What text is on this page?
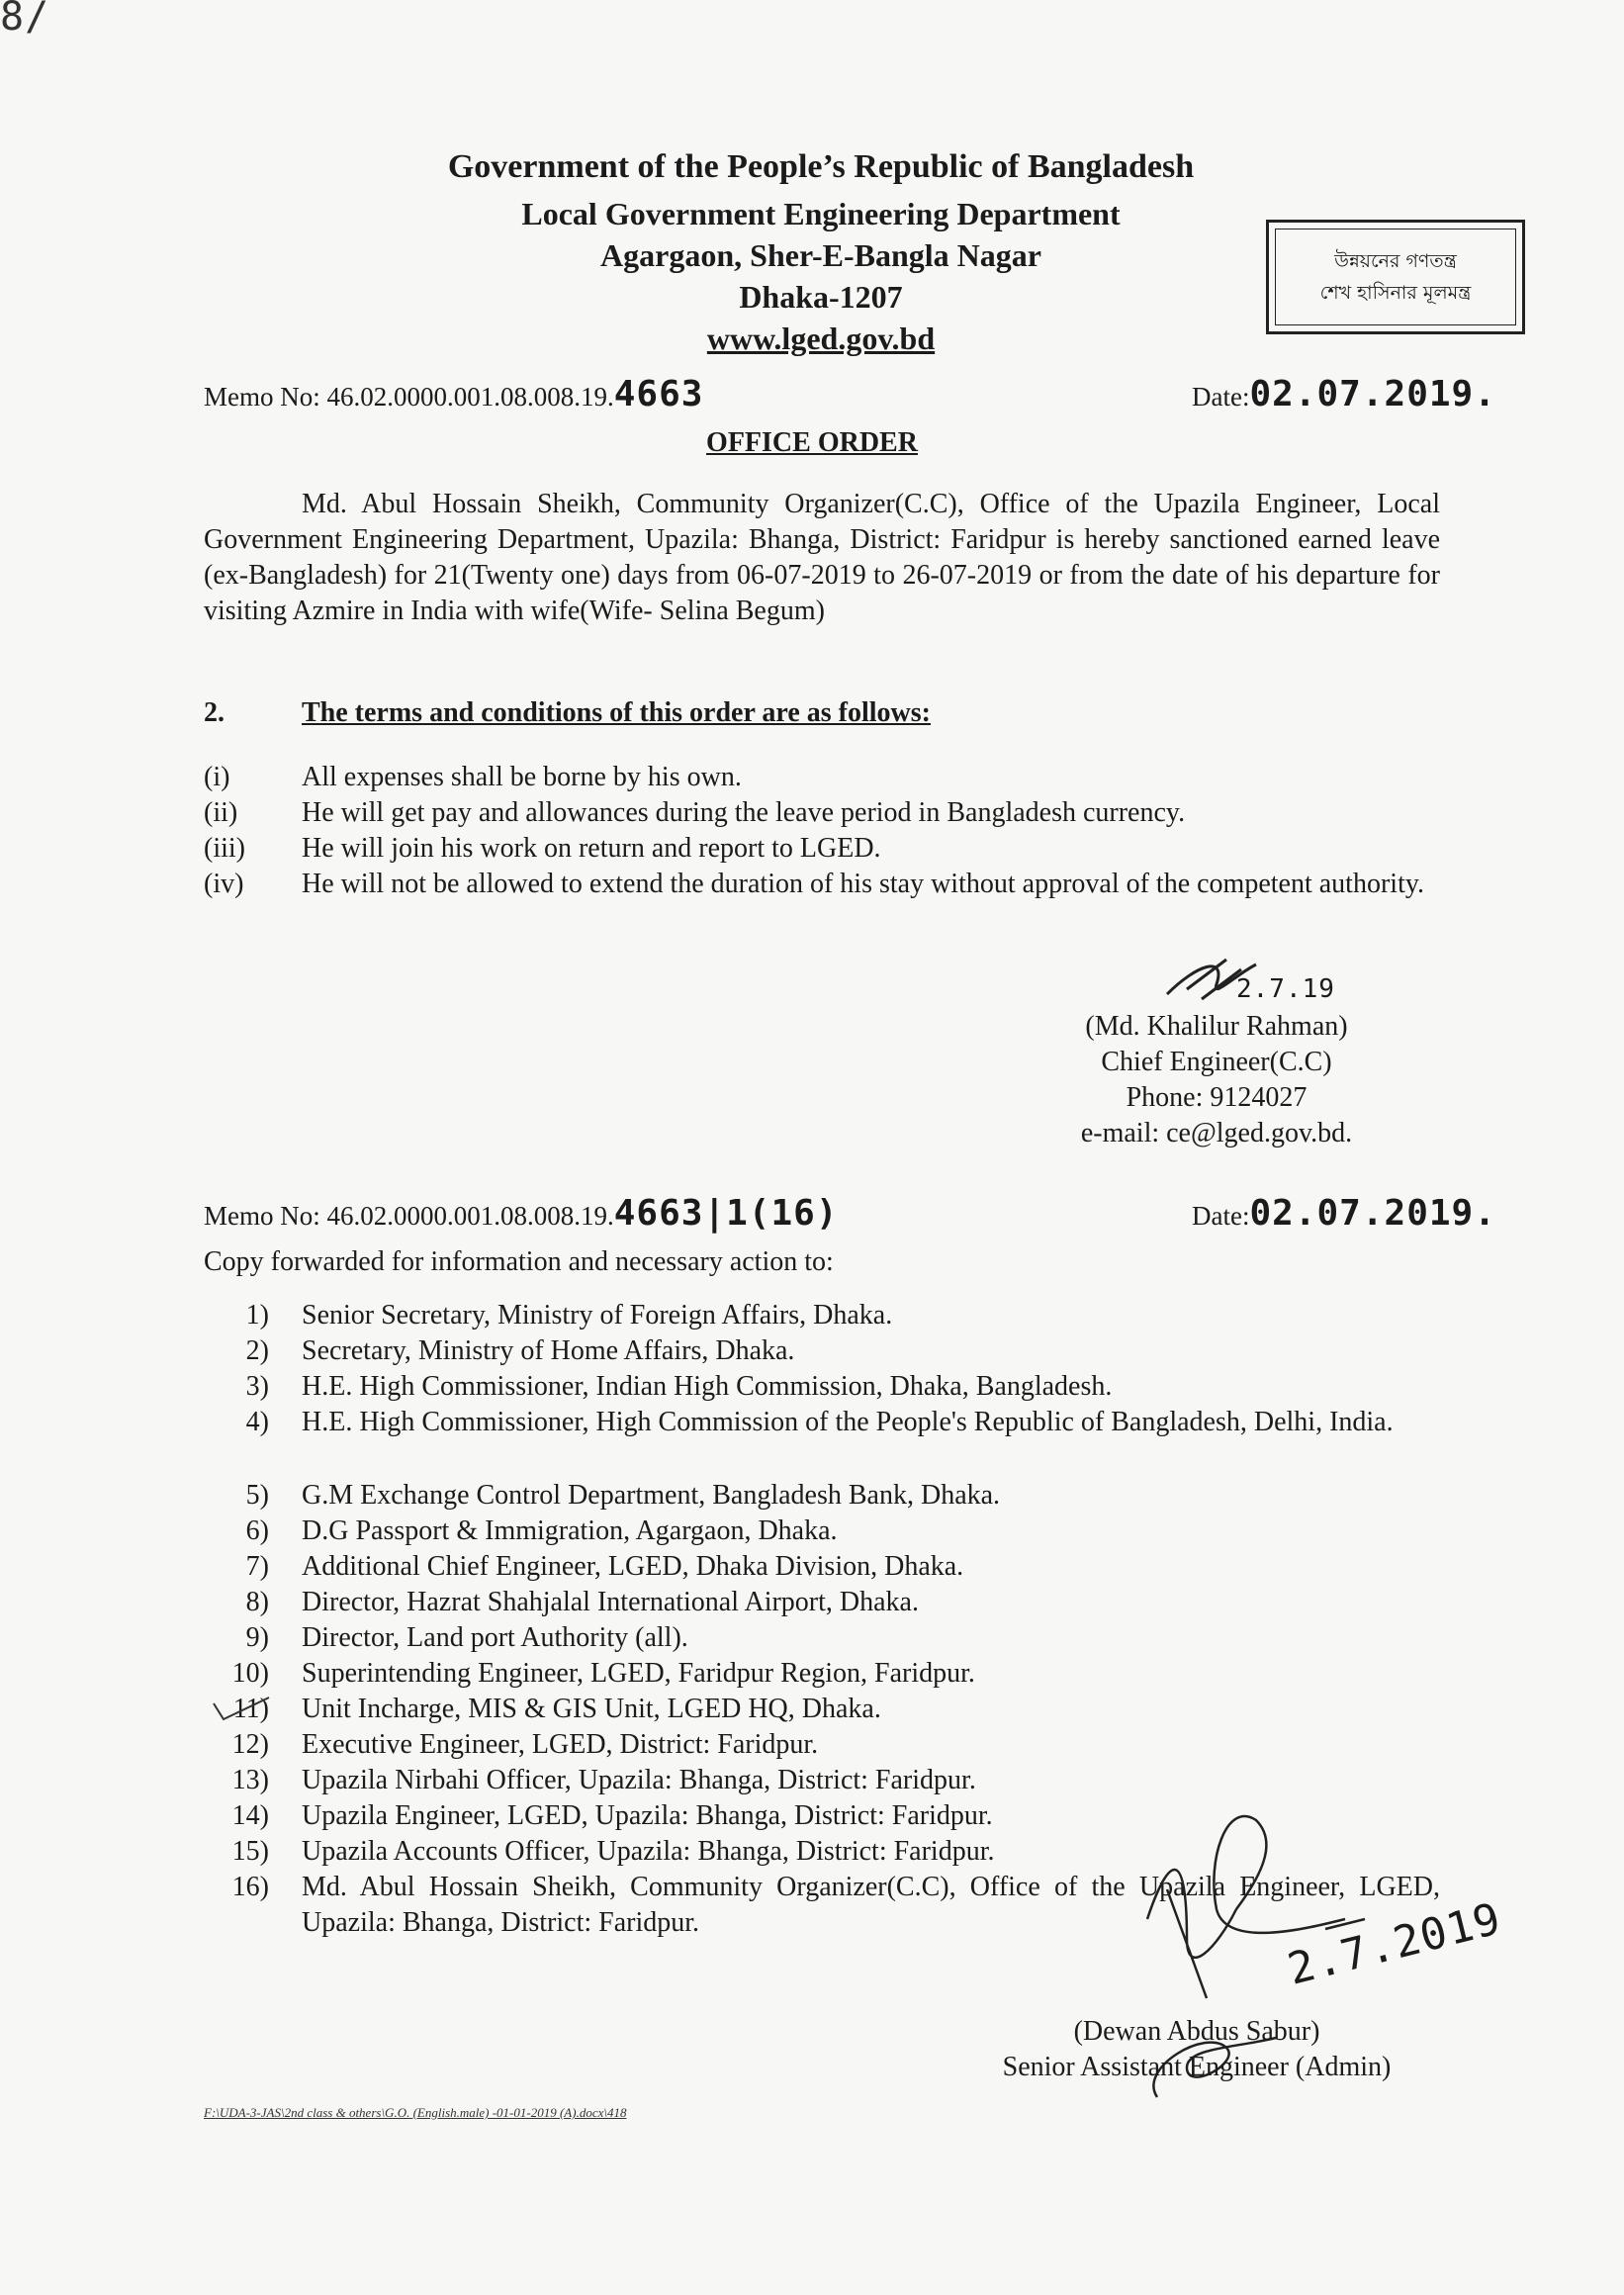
8/
Government of the People’s Republic of Bangladesh
Local Government Engineering Department
Agargaon, Sher-E-Bangla Nagar
Dhaka-1207
www.lged.gov.bd
উন্নয়নের গণতন্ত্র
শেখ হাসিনার মূলমন্ত্র
Memo No: 46.02.0000.001.08.008.19.4663	Date:02.07.2019.
OFFICE ORDER
Md. Abul Hossain Sheikh, Community Organizer(C.C), Office of the Upazila Engineer, Local Government Engineering Department, Upazila: Bhanga, District: Faridpur is hereby sanctioned earned leave (ex-Bangladesh) for 21(Twenty one) days from 06-07-2019 to 26-07-2019 or from the date of his departure for visiting Azmire in India with wife(Wife- Selina Begum)
2.	The terms and conditions of this order are as follows:
(i)	All expenses shall be borne by his own.
(ii) He will get pay and allowances during the leave period in Bangladesh currency.
(iii) He will join his work on return and report to LGED.
(iv) He will not be allowed to extend the duration of his stay without approval of the competent authority.
2.7.19
(Md. Khalilur Rahman)
Chief Engineer(C.C)
Phone: 9124027
e-mail: ce@lged.gov.bd.
Memo No: 46.02.0000.001.08.008.19.4663|1(16)	Date:02.07.2019.
Copy forwarded for information and necessary action to:
1) Senior Secretary, Ministry of Foreign Affairs, Dhaka.
2) Secretary, Ministry of Home Affairs, Dhaka.
3) H.E. High Commissioner, Indian High Commission, Dhaka, Bangladesh.
4) H.E. High Commissioner, High Commission of the People's Republic of Bangladesh, Delhi, India.
5) G.M Exchange Control Department, Bangladesh Bank, Dhaka.
6) D.G Passport & Immigration, Agargaon, Dhaka.
7) Additional Chief Engineer, LGED, Dhaka Division, Dhaka.
8) Director, Hazrat Shahjalal International Airport, Dhaka.
9) Director, Land port Authority (all).
10) Superintending Engineer, LGED, Faridpur Region, Faridpur.
11) Unit Incharge, MIS & GIS Unit, LGED HQ, Dhaka.
12) Executive Engineer, LGED, District: Faridpur.
13) Upazila Nirbahi Officer, Upazila: Bhanga, District: Faridpur.
14) Upazila Engineer, LGED, Upazila: Bhanga, District: Faridpur.
15) Upazila Accounts Officer, Upazila: Bhanga, District: Faridpur.
16) Md. Abul Hossain Sheikh, Community Organizer(C.C), Office of the Upazila Engineer, LGED, Upazila: Bhanga, District: Faridpur.	2.7.2019
(Dewan Abdus Sabur)
Senior Assistant Engineer (Admin)
F:\UDA-3-JAS\2nd class & others\G.O. (English.male) -01-01-2019 (A).docx\418
